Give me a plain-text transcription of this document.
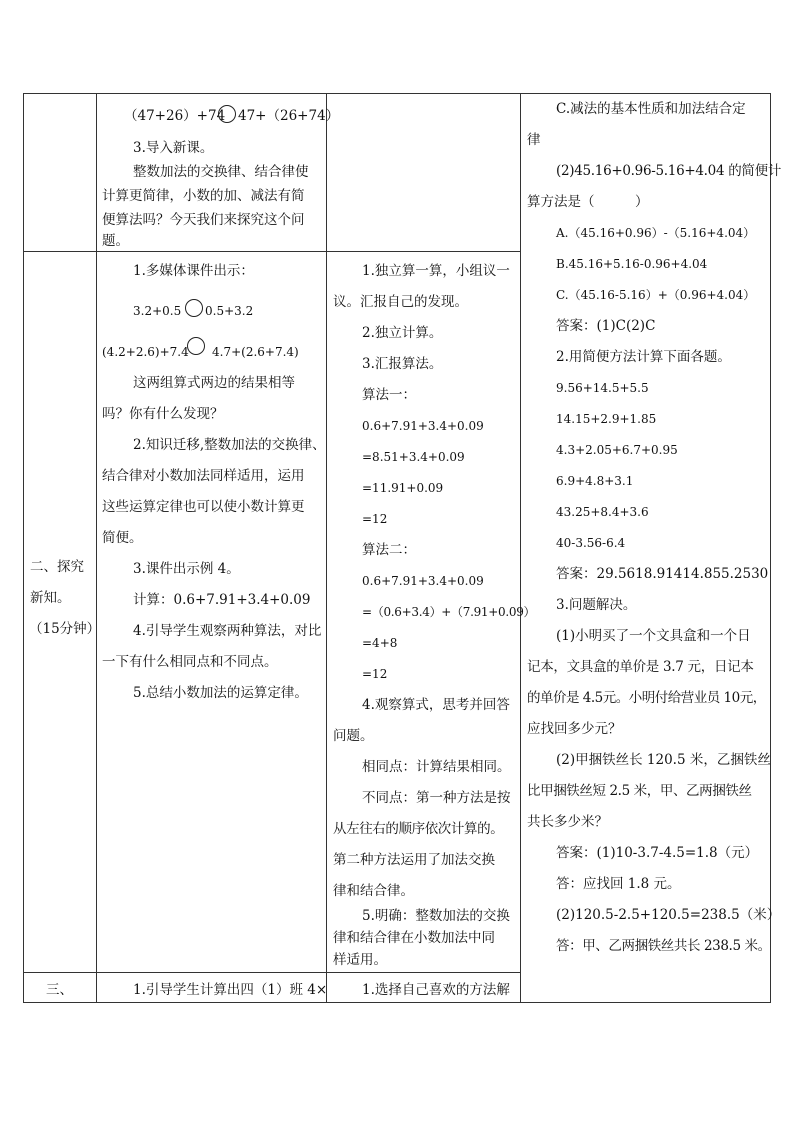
（47+26）+74 47+（26+74）
3.导入新课。
整数加法的交换律、结合律使
计算更简律，小数的加、减法有简
便算法吗？今天我们来探究这个问
题。
二、探究
新知。
（15分钟）
1.多媒体课件出示：
3.2+0.5 0.5+3.2
(4.2+2.6)+7.4 4.7+(2.6+7.4)
这两组算式两边的结果相等
吗？你有什么发现？
2.知识迁移,整数加法的交换律、
结合律对小数加法同样适用，运用
这些运算定律也可以使小数计算更
简便。
3.课件出示例 4。
计算：0.6+7.91+3.4+0.09
4.引导学生观察两种算法，对比
一下有什么相同点和不同点。
5.总结小数加法的运算定律。
1.独立算一算，小组议一
议。汇报自己的发现。
2.独立计算。
3.汇报算法。
算法一：
0.6+7.91+3.4+0.09
=8.51+3.4+0.09
=11.91+0.09
=12
算法二：
0.6+7.91+3.4+0.09
=（0.6+3.4）+（7.91+0.09）
=4+8
=12
4.观察算式，思考并回答
问题。
相同点：计算结果相同。
不同点：第一种方法是按
从左往右的顺序依次计算的。
第二种方法运用了加法交换
律和结合律。
5.明确：整数加法的交换
律和结合律在小数加法中同
样适用。
三、	1.引导学生计算出四（1）班 4×	1.选择自己喜欢的方法解
C.减法的基本性质和加法结合定
律
(2)45.16+0.96-5.16+4.04 的简便计
算方法是（　　　）
A.（45.16+0.96）-（5.16+4.04）
B.45.16+5.16-0.96+4.04
C.（45.16-5.16）+（0.96+4.04）
答案：(1)C(2)C
2.用简便方法计算下面各题。
9.56+14.5+5.5
14.15+2.9+1.85
4.3+2.05+6.7+0.95
6.9+4.8+3.1
43.25+8.4+3.6
40-3.56-6.4
答案：29.5618.91414.855.2530
3.问题解决。
(1)小明买了一个文具盒和一个日
记本，文具盒的单价是 3.7 元，日记本
的单价是 4.5元。小明付给营业员 10元，
应找回多少元？
(2)甲捆铁丝长 120.5 米，乙捆铁丝
比甲捆铁丝短 2.5 米，甲、乙两捆铁丝
共长多少米？
答案：(1)10-3.7-4.5=1.8（元）
答：应找回 1.8 元。
(2)120.5-2.5+120.5=238.5（米）
答：甲、乙两捆铁丝共长 238.5 米。
